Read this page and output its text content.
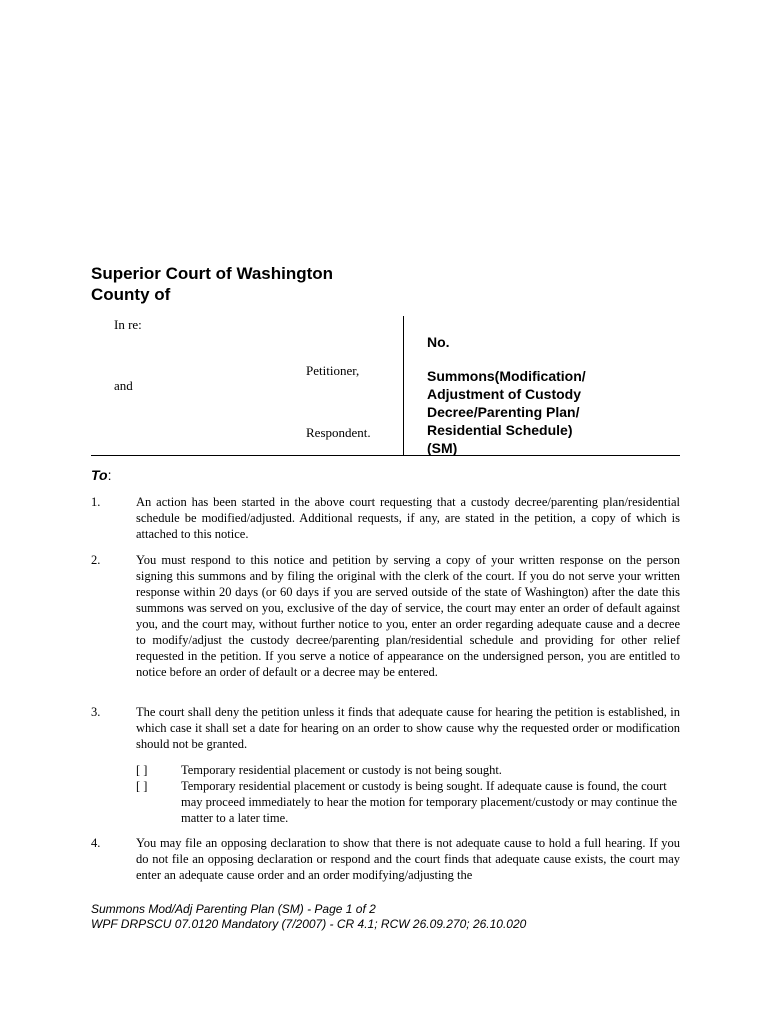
Superior Court of Washington
County of
In re:
Petitioner,
and
Respondent.
No.
Summons(Modification/
Adjustment of Custody
Decree/Parenting Plan/
Residential Schedule)
(SM)
To:
1.	An action has been started in the above court requesting that a custody decree/parenting plan/residential schedule be modified/adjusted. Additional requests, if any, are stated in the petition, a copy of which is attached to this notice.
2.	You must respond to this notice and petition by serving a copy of your written response on the person signing this summons and by filing the original with the clerk of the court. If you do not serve your written response within 20 days (or 60 days if you are served outside of the state of Washington) after the date this summons was served on you, exclusive of the day of service, the court may enter an order of default against you, and the court may, without further notice to you, enter an order regarding adequate cause and a decree to modify/adjust the custody decree/parenting plan/residential schedule and providing for other relief requested in the petition. If you serve a notice of appearance on the undersigned person, you are entitled to notice before an order of default or a decree may be entered.
3.	The court shall deny the petition unless it finds that adequate cause for hearing the petition is established, in which case it shall set a date for hearing on an order to show cause why the requested order or modification should not be granted.
[ ]	Temporary residential placement or custody is not being sought.
[ ]	Temporary residential placement or custody is being sought. If adequate cause is found, the court may proceed immediately to hear the motion for temporary placement/custody or may continue the matter to a later time.
4.	You may file an opposing declaration to show that there is not adequate cause to hold a full hearing. If you do not file an opposing declaration or respond and the court finds that adequate cause exists, the court may enter an adequate cause order and an order modifying/adjusting the
Summons Mod/Adj Parenting Plan (SM) - Page 1 of 2
WPF DRPSCU 07.0120 Mandatory (7/2007) - CR 4.1; RCW 26.09.270; 26.10.020
